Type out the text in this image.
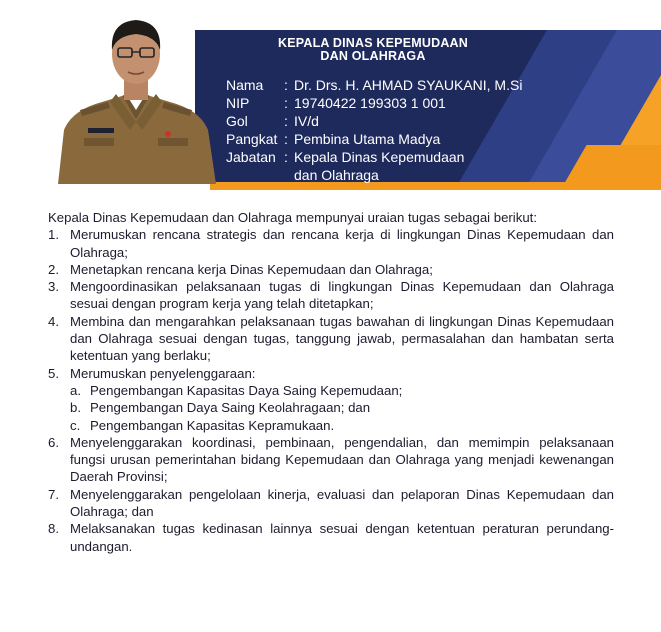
KEPALA DINAS KEPEMUDAAN
DAN OLAHRAGA
Nama	: Dr. Drs. H. AHMAD SYAUKANI, M.Si
NIP	: 19740422 199303 1 001
Gol	: IV/d
Pangkat : Pembina Utama Madya
Jabatan : Kepala Dinas Kepemudaan
dan Olahraga
Kepala Dinas Kepemudaan dan Olahraga mempunyai uraian tugas sebagai berikut:
1. Merumuskan rencana strategis dan rencana kerja di lingkungan Dinas Kepemudaan dan Olahraga;
2. Menetapkan rencana kerja Dinas Kepemudaan dan Olahraga;
3. Mengoordinasikan pelaksanaan tugas di lingkungan Dinas Kepemudaan dan Olahraga sesuai dengan program kerja yang telah ditetapkan;
4. Membina dan mengarahkan pelaksanaan tugas bawahan di lingkungan Dinas Kepemudaan dan Olahraga sesuai dengan tugas, tanggung jawab, permasalahan dan hambatan serta ketentuan yang berlaku;
5. Merumuskan penyelenggaraan:
a. Pengembangan Kapasitas Daya Saing Kepemudaan;
b. Pengembangan Daya Saing Keolahragaan; dan
c. Pengembangan Kapasitas Kepramukaan.
6. Menyelenggarakan koordinasi, pembinaan, pengendalian, dan memimpin pelaksanaan fungsi urusan pemerintahan bidang Kepemudaan dan Olahraga yang menjadi kewenangan Daerah Provinsi;
7. Menyelenggarakan pengelolaan kinerja, evaluasi dan pelaporan Dinas Kepemudaan dan Olahraga; dan
8. Melaksanakan tugas kedinasan lainnya sesuai dengan ketentuan peraturan perundang-undangan.
